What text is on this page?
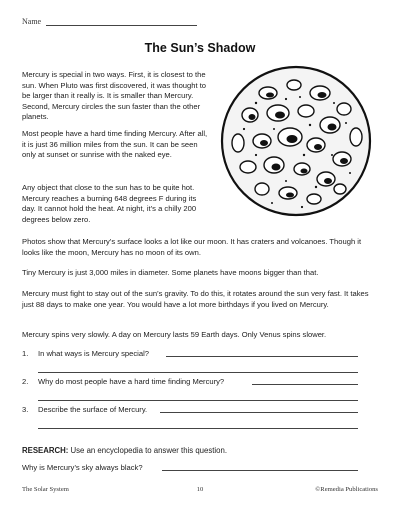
Name
The Sun’s Shadow

Mercury is special in two ways. First, it is closest to the sun. When Pluto was first discovered, it was thought to be larger than it really is. It is smaller than Mercury. Second, Mercury circles the sun faster than the other planets.

Most people have a hard time finding Mercury. After all, it is just 36 million miles from the sun. It can be seen only at sunset or sunrise with the naked eye.

Any object that close to the sun has to be quite hot. Mercury reaches a burning 648 degrees F during its day. It cannot hold the heat. At night, it’s a chilly 200 degrees below zero.

Photos show that Mercury’s surface looks a lot like our moon. It has craters and volcanoes. Though it looks like the moon, Mercury has no moon of its own.

Tiny Mercury is just 3,000 miles in diameter. Some planets have moons bigger than that.

Mercury must fight to stay out of the sun’s gravity. To do this, it rotates around the sun very fast. It takes just 88 days to make one year. You would have a lot more birthdays if you lived on Mercury.

Mercury spins very slowly. A day on Mercury lasts 59 Earth days. Only Venus spins slower.

1. In what ways is Mercury special?
2. Why do most people have a hard time finding Mercury?
3. Describe the surface of Mercury.
RESEARCH: Use an encyclopedia to answer this question.
Why is Mercury’s sky always black?
The Solar System	10	©Remedia Publications
